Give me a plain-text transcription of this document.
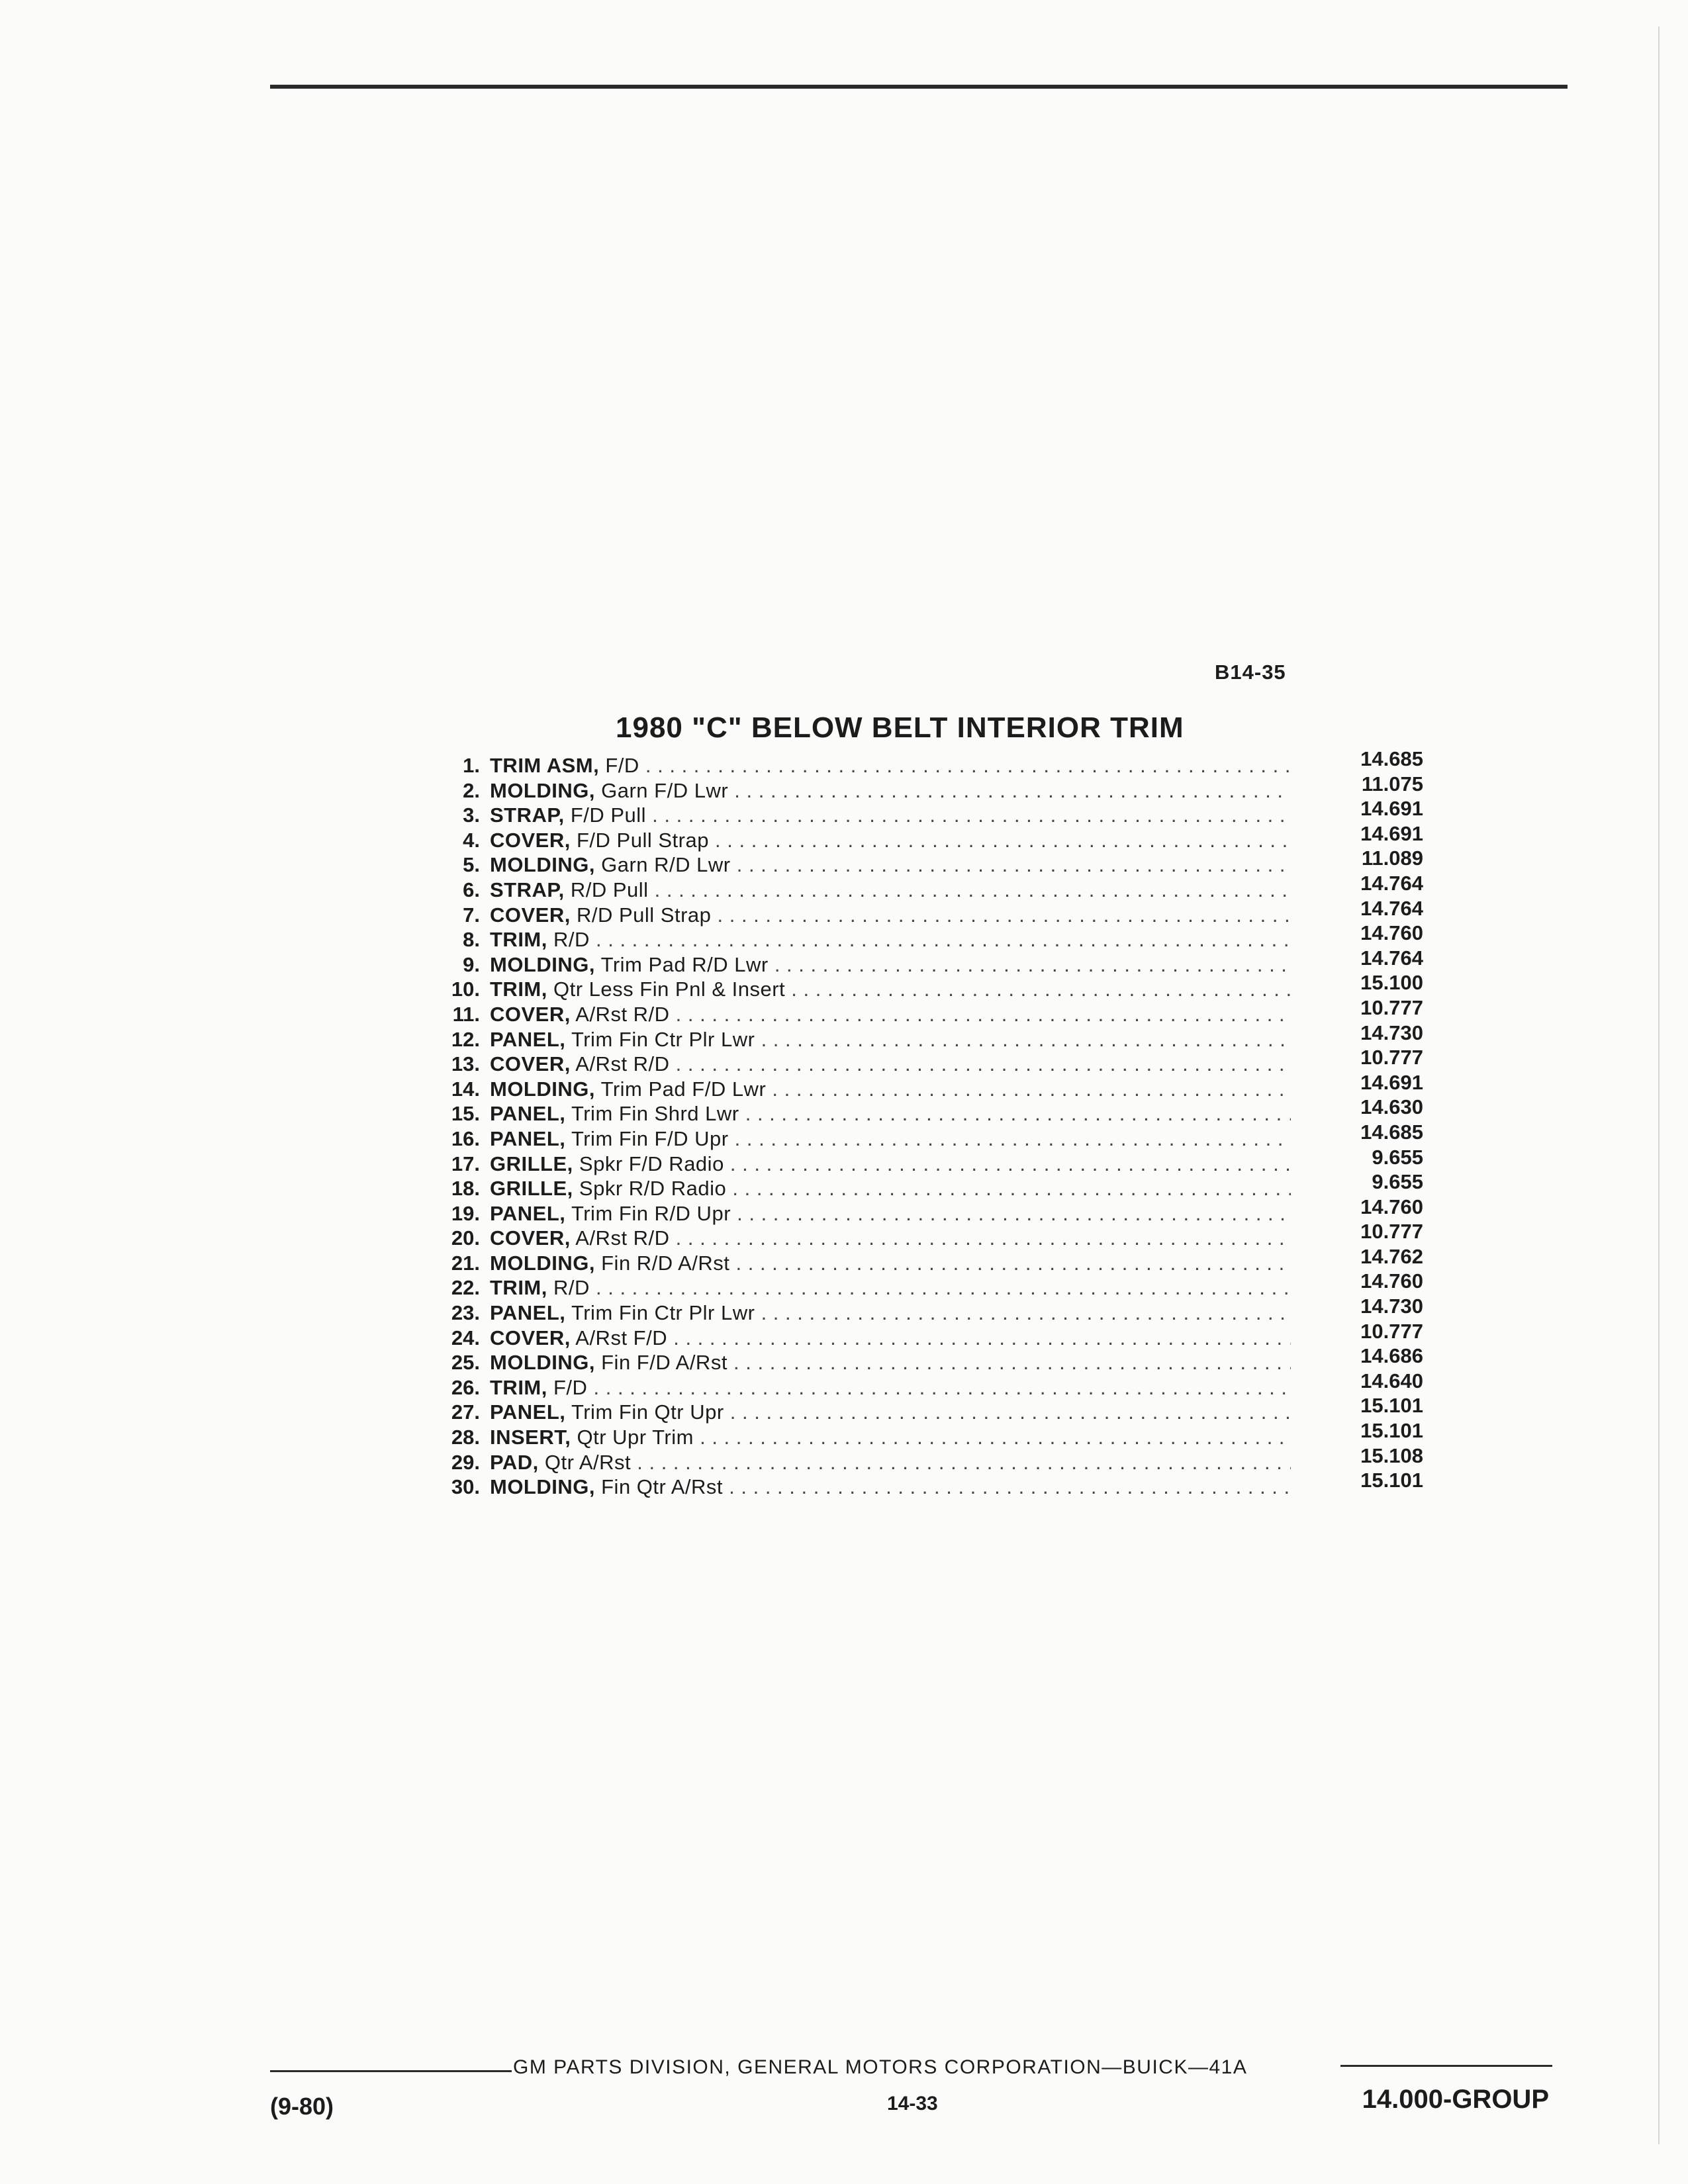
B14-35
1980 "C" BELOW BELT INTERIOR TRIM
1. TRIM ASM, F/D . . .	14.685
2. MOLDING, Garn F/D Lwr . . .	11.075
3. STRAP, F/D Pull . . .	14.691
4. COVER, F/D Pull Strap . . .	14.691
5. MOLDING, Garn R/D Lwr . . .	11.089
6. STRAP, R/D Pull . . .	14.764
7. COVER, R/D Pull Strap . . .	14.764
8. TRIM, R/D . . .	14.760
9. MOLDING, Trim Pad R/D Lwr . . .	14.764
10. TRIM, Qtr Less Fin Pnl & Insert . . .	15.100
11. COVER, A/Rst R/D . . .	10.777
12. PANEL, Trim Fin Ctr Plr Lwr . . .	14.730
13. COVER, A/Rst R/D . . .	10.777
14. MOLDING, Trim Pad F/D Lwr . . .	14.691
15. PANEL, Trim Fin Shrd Lwr . . .	14.630
16. PANEL, Trim Fin F/D Upr . . .	14.685
17. GRILLE, Spkr F/D Radio . . .	9.655
18. GRILLE, Spkr R/D Radio . . .	9.655
19. PANEL, Trim Fin R/D Upr . . .	14.760
20. COVER, A/Rst R/D . . .	10.777
21. MOLDING, Fin R/D A/Rst . . .	14.762
22. TRIM, R/D . . .	14.760
23. PANEL, Trim Fin Ctr Plr Lwr . . .	14.730
24. COVER, A/Rst F/D . . .	10.777
25. MOLDING, Fin F/D A/Rst . . .	14.686
26. TRIM, F/D . . .	14.640
27. PANEL, Trim Fin Qtr Upr . . .	15.101
28. INSERT, Qtr Upr Trim . . .	15.101
29. PAD, Qtr A/Rst . . .	15.108
30. MOLDING, Fin Qtr A/Rst . . .	15.101
GM PARTS DIVISION, GENERAL MOTORS CORPORATION—BUICK—41A
(9-80)	14-33	14.000-GROUP
